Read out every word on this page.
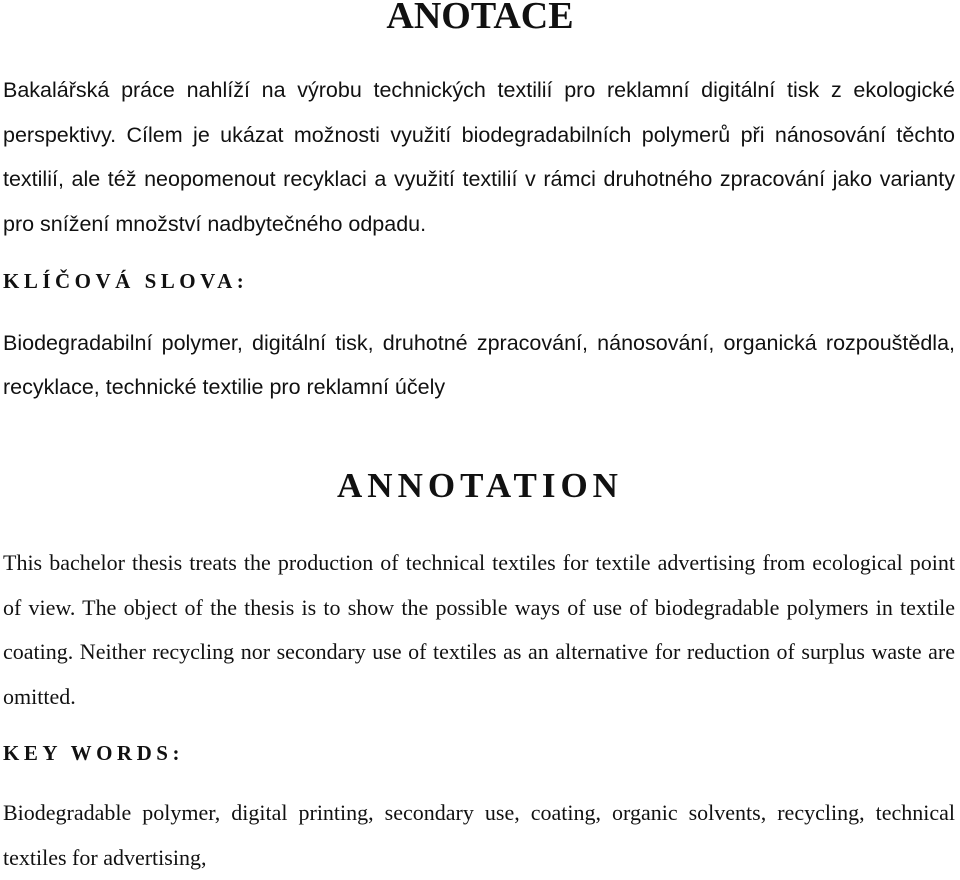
ANOTACE

Bakalářská práce nahlíží na výrobu technických textilií pro reklamní digitální tisk z ekologické perspektivy. Cílem je ukázat možnosti využití biodegradabilních polymerů při nánosování těchto textilií, ale též neopomenout recyklaci a využití textilií v rámci druhotného zpracování jako varianty pro snížení množství nadbytečného odpadu.

KLÍČOVÁ SLOVA:

Biodegradabilní polymer, digitální tisk, druhotné zpracování, nánosování, organická rozpouštědla, recyklace, technické textilie pro reklamní účely

ANNOTATION

This bachelor thesis treats the production of technical textiles for textile advertising from ecological point of view. The object of the thesis is to show the possible ways of use of biodegradable polymers in textile coating. Neither recycling nor secondary use of textiles as an alternative for reduction of surplus waste are omitted.

KEY WORDS:

Biodegradable polymer, digital printing, secondary use, coating, organic solvents, recycling, technical textiles for advertising,
